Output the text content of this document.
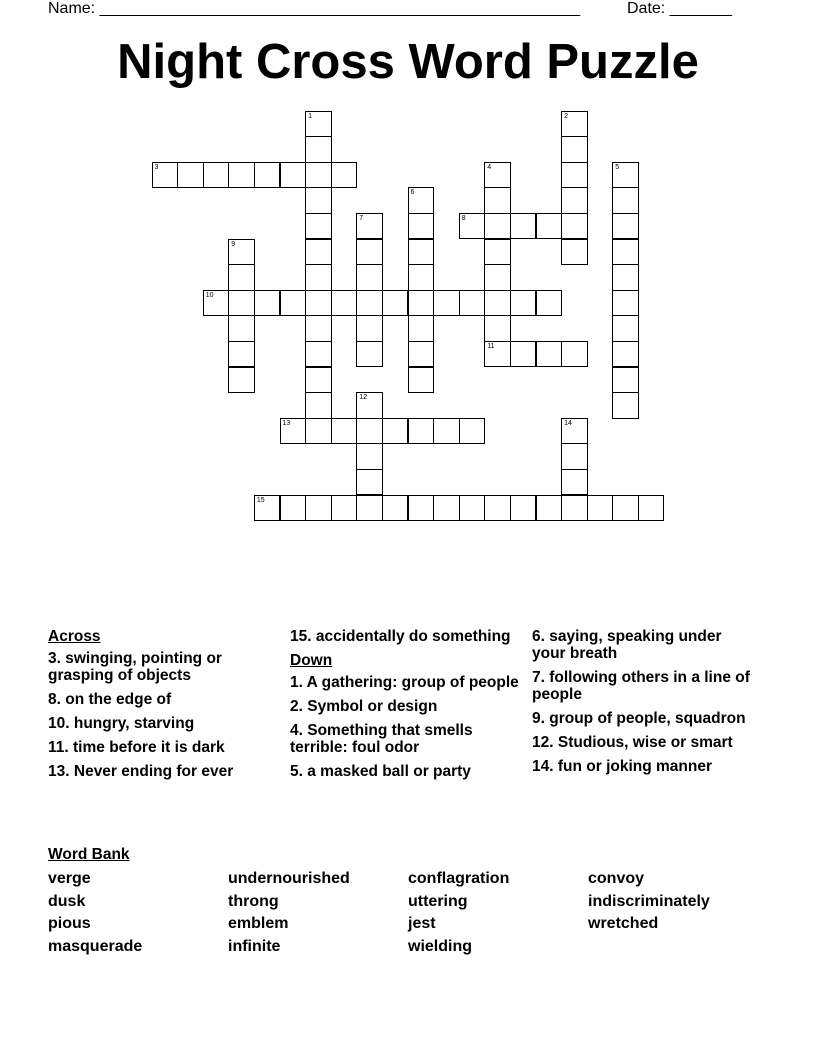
Name: ______________________________________________________	Date: _______
Night Cross Word Puzzle
1	2
3	4
11
5
6
7	8
9
10
12
13	14
15
Across
3. swinging, pointing or grasping of objects
8. on the edge of
10. hungry, starving
11. time before it is dark
13. Never ending for ever
15. accidentally do something
Down
1. A gathering: group of people
2. Symbol or design
4. Something that smells terrible: foul odor
5. a masked ball or party
6. saying, speaking under your breath
7. following others in a line of people
9. group of people, squadron
12. Studious, wise or smart
14. fun or joking manner
Word Bank
verge
dusk
pious
masquerade
undernourished
throng
emblem
infinite
conflagration
uttering
jest
wielding
convoy
indiscriminately
wretched
